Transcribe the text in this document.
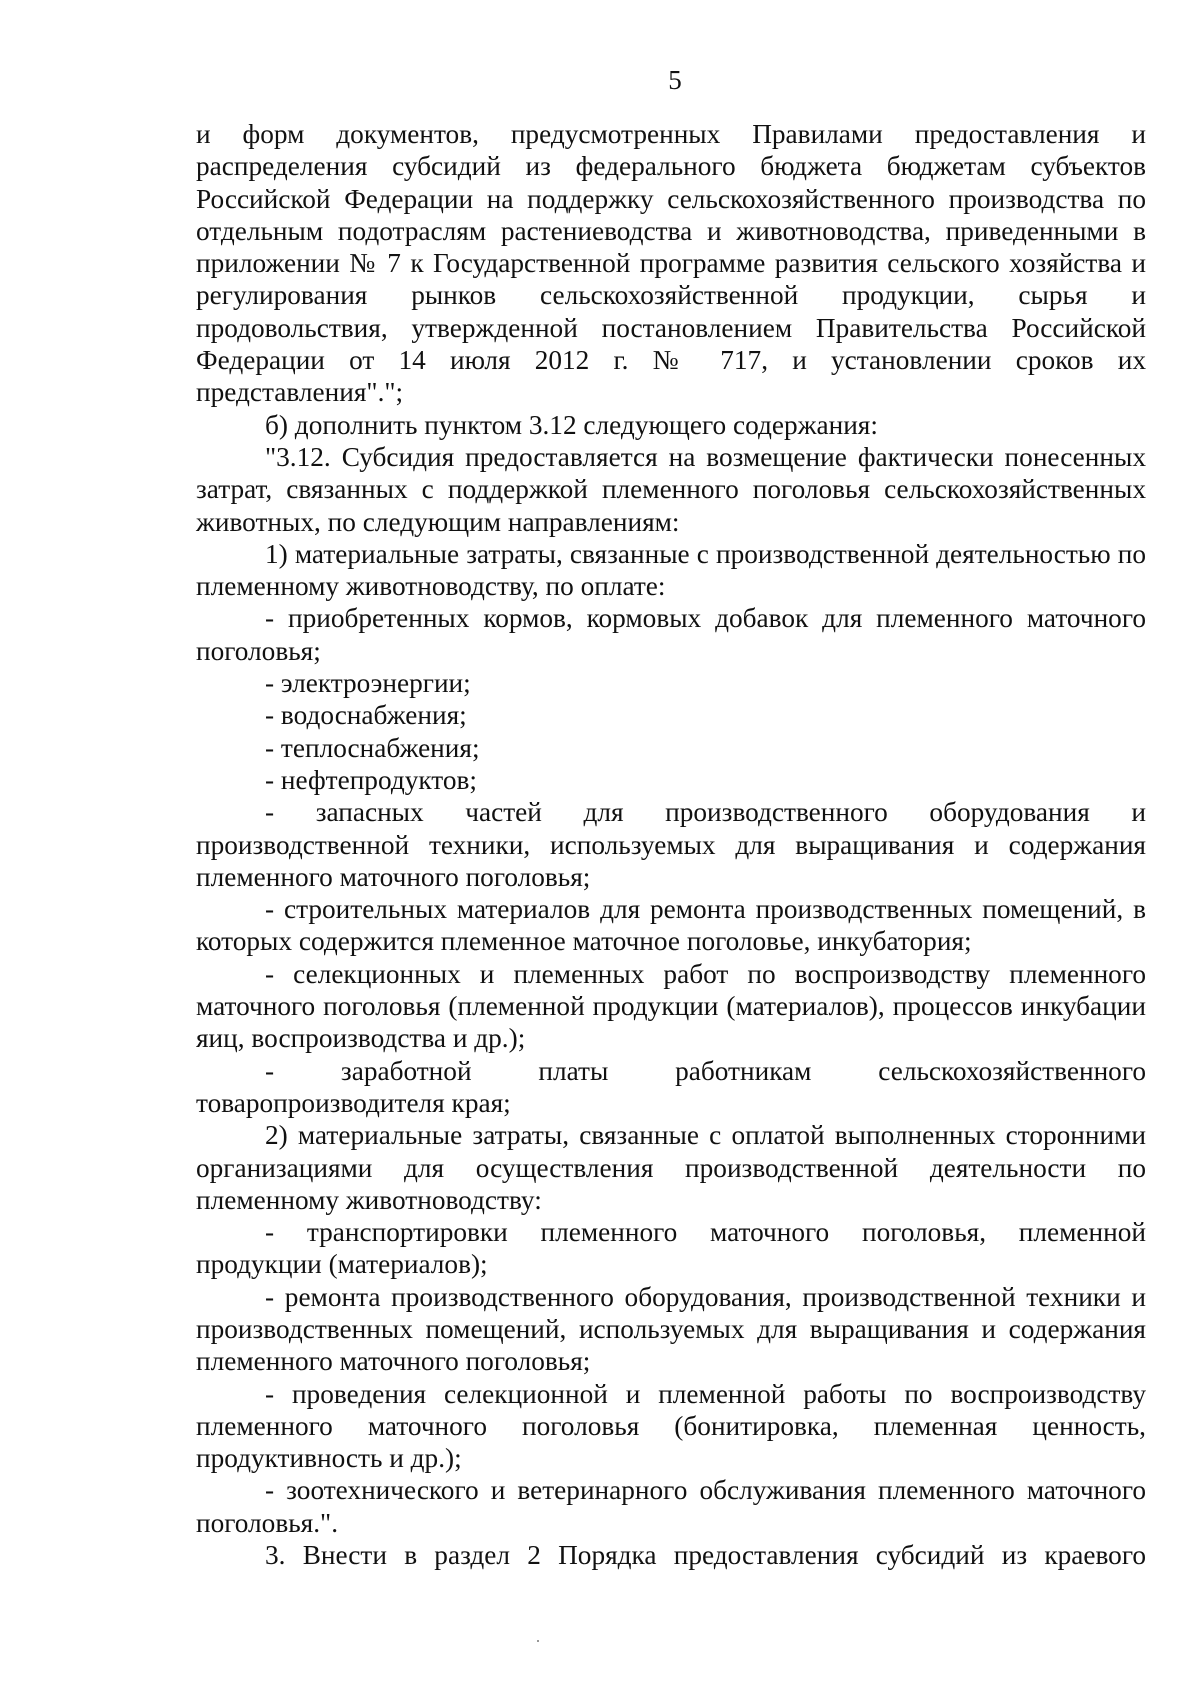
5

и форм документов, предусмотренных Правилами предоставления и распределения субсидий из федерального бюджета бюджетам субъектов Российской Федерации на поддержку сельскохозяйственного производства по отдельным подотраслям растениеводства и животноводства, приведенными в приложении № 7 к Государственной программе развития сельского хозяйства и регулирования рынков сельскохозяйственной продукции, сырья и продовольствия, утвержденной постановлением Правительства Российской Федерации от 14 июля 2012 г. № 717, и установлении сроков их представления".";

б) дополнить пунктом 3.12 следующего содержания:

"3.12. Субсидия предоставляется на возмещение фактически понесенных затрат, связанных с поддержкой племенного поголовья сельскохозяйственных животных, по следующим направлениям:

1) материальные затраты, связанные с производственной деятельностью по племенному животноводству, по оплате:

- приобретенных кормов, кормовых добавок для племенного маточного поголовья;

- электроэнергии;

- водоснабжения;

- теплоснабжения;

- нефтепродуктов;

- запасных частей для производственного оборудования и производственной техники, используемых для выращивания и содержания племенного маточного поголовья;

- строительных материалов для ремонта производственных помещений, в которых содержится племенное маточное поголовье, инкубатория;

- селекционных и племенных работ по воспроизводству племенного маточного поголовья (племенной продукции (материалов), процессов инкубации яиц, воспроизводства и др.);

- заработной платы работникам сельскохозяйственного товаропроизводителя края;

2) материальные затраты, связанные с оплатой выполненных сторонними организациями для осуществления производственной деятельности по племенному животноводству:

- транспортировки племенного маточного поголовья, племенной продукции (материалов);

- ремонта производственного оборудования, производственной техники и производственных помещений, используемых для выращивания и содержания племенного маточного поголовья;

- проведения селекционной и племенной работы по воспроизводству племенного маточного поголовья (бонитировка, племенная ценность, продуктивность и др.);

- зоотехнического и ветеринарного обслуживания племенного маточного поголовья.".

3. Внести в раздел 2 Порядка предоставления субсидий из краевого
